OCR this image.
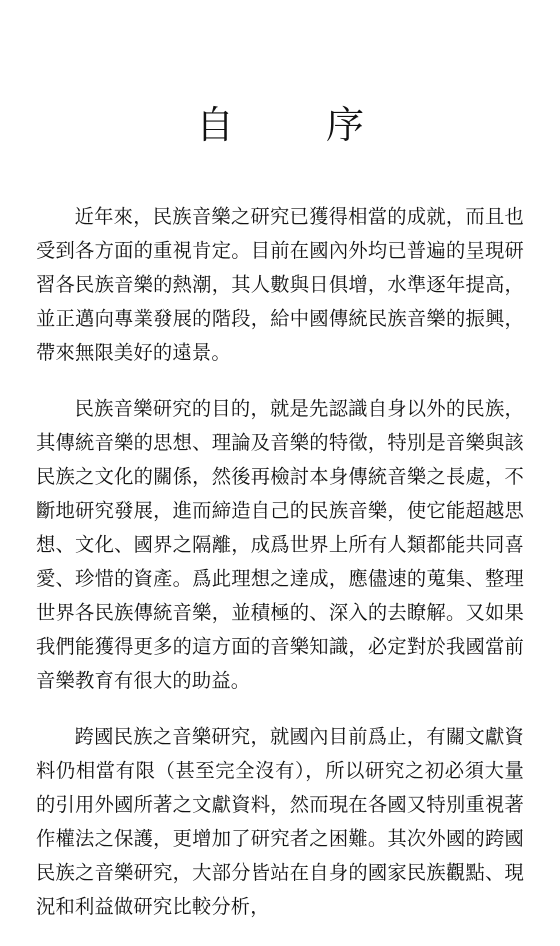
自 序

近年來，民族音樂之研究已獲得相當的成就，而且也受到各方面的重視肯定。目前在國內外均已普遍的呈現研習各民族音樂的熱潮，其人數與日俱增，水準逐年提高，並正邁向專業發展的階段，給中國傳統民族音樂的振興，帶來無限美好的遠景。

民族音樂研究的目的，就是先認識自身以外的民族，其傳統音樂的思想、理論及音樂的特徵，特別是音樂與該民族之文化的關係，然後再檢討本身傳統音樂之長處，不斷地研究發展，進而締造自己的民族音樂，使它能超越思想、文化、國界之隔離，成爲世界上所有人類都能共同喜愛、珍惜的資產。爲此理想之達成，應儘速的蒐集、整理世界各民族傳統音樂，並積極的、深入的去瞭解。又如果我們能獲得更多的這方面的音樂知識，必定對於我國當前音樂教育有很大的助益。

跨國民族之音樂研究，就國內目前爲止，有關文獻資料仍相當有限（甚至完全沒有），所以研究之初必須大量的引用外國所著之文獻資料，然而現在各國又特別重視著作權法之保護，更增加了研究者之困難。其次外國的跨國民族之音樂研究，大部分皆站在自身的國家民族觀點、現況和利益做研究比較分析，
